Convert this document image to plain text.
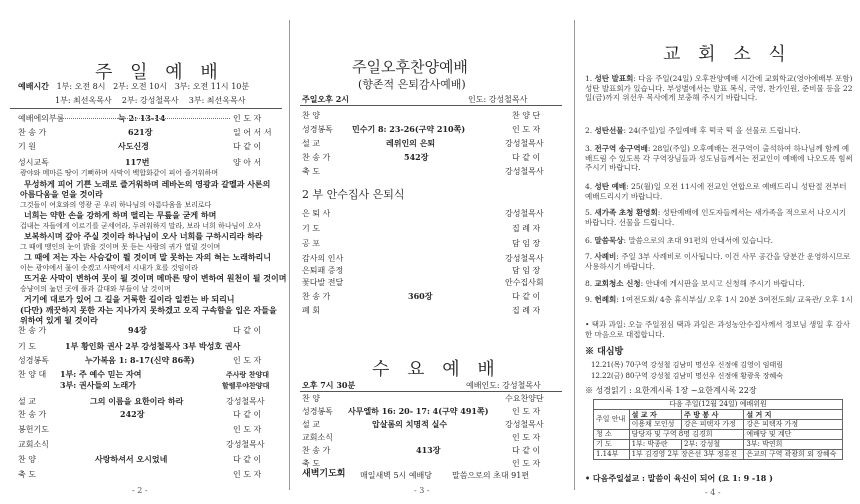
주 일 예 배
예배시간 1부: 오전 8시 2부: 오전 10시 3부: 오전 11시 10분
1부: 최선옥목사 2부: 강성철목사 3부: 최선옥목사
예배에의부름	눅 2: 13-14	인 도 자
찬 송 가	621장	일 어 서 서
기 원	사도신경	다 같 이
성시교독	117번	양 아 서
광야와 메마른 땅이 기뻐하며 사막이 백합화같이 피어 즐거워하며
무성하게 피어 기쁜 노래로 즐거워하며 레바논의 영광과 갈멜과 사론의
아름다움을 얻을 것이라
그것들이 여호와의 영광 곧 우리 하나님의 아름다움을 보리로다
너희는 약한 손을 강하게 하며 떨리는 무릎을 굳게 하며
겁내는 자들에게 이르기를 굳세어라, 두려워하지 말라, 보라 너희 하나님이 오사
보복하시며 갚아 주실 것이라 하나님이 오사 너희를 구하시리라 하라
그 때에 맹인의 눈이 밝을 것이며 못 듣는 사람의 귀가 열릴 것이며
그 때에 저는 자는 사슴같이 뛸 것이며 말 못하는 자의 혀는 노래하리니
이는 광야에서 물이 솟겠고 사막에서 시내가 흐를 것임이라
뜨거운 사막이 변하여 못이 될 것이며 메마른 땅이 변하여 원천이 될 것이며
승냥이의 눕던 곳에 풀과 갈대와 부들이 날 것이며
거기에 대로가 있어 그 길을 거룩한 길이라 일컫는 바 되리니
(다만) 깨끗하지 못한 자는 지나가지 못하겠고 오직 구속함을 입은 자들을
위하여 있게 될 것이라
찬 송 가	94장	다 같 이
기 도	1부 황인화 권사 2부 강성철목사 3부 박성호 권사
성경봉독	누가복음 1: 8-17(신약 86쪽)	인 도 자
찬 양 대 1부: 주 예수 믿는 자여	주사랑 찬양대
3부: 권사들의 노래가	할렐루야찬양대
설 교	그의 이름을 요한이라 하라	강성철목사
찬 송 가	242장	다 같 이
봉헌기도	인 도 자
교회소식	강성철목사
찬 양	사랑하셔서 오시었네	다 같 이
축 도	인 도 자
- 2 -
주일오후찬양예배
(향존적 은퇴감사예배)
주일오후 2시	인도: 강성철목사
찬 양	찬 양 단
성경봉독 민수기 8: 23-26(구약 210쪽)	인 도 자
설 교	레위인의 은퇴	강성철목사
찬 송 가	542장	다 같 이
축 도	강성철목사
2 부 안수집사 은퇴식
은 퇴 사	강성철목사
기 도	집 례 자
공 포	담 임 장
감사의 인사	강성철목사
은퇴패 증정	담 임 장
꽃다발 전달	안수집사회
찬 송 가	360장	다 같 이
폐 회	집 례 자
수 요 예 배
오후 7시 30분	예배인도: 강성철목사
찬 양	수요찬양단
성경봉독 사무엘하 16: 20- 17: 4(구약 491쪽)	인 도 자
설 교	압살롬의 치명적 실수	강성철목사
교회소식	인 도 자
찬 송 가	413장	다 같 이
축 도	인 도 자
새벽기도회 매일새벽 5시 예배당	말씀으로의 초대 91편
- 3 -
교 회 소 식
1. 성탄 발표회: 다음 주일(24일) 오후찬양예배 시간에 교회학교(영아에배부 포함) 성탄 발표회가 있습니다. 부성별에서는 발표 복식, 국영, 찬가인원, 준비물 등을 22일(금)까지 위선우 목사에게 보충해 주시기 바랍니다.
2. 성탄선물: 24(주일)일 주일예배 후 떡국 떡 을 선물로 드립니다.
3. 전구역 송구역배: 28일(주일) 오후예배는 전구역이 출석하여 하나님께 함께 예배드림 수 있도록 각 구역장님들과 성도님들께서는 전교인이 예배에 나오도록 힘써 주시기 바랍니다.
4. 성탄 예배: 25(월)일 오전 11시에 전교인 연합으로 예배드리니 성탄절 전부터 예배드리시기 바랍니다.
5. 새가족 초청 환영회: 성탄예배에 인도자들께서는 새가족을 적으로서 나오시기 바랍니다. 선물을 드립니다.
6. 말씀묵상: 말씀으로의 초대 91편의 안내서에 있습니다.
7. 사례비: 주일 3부 사례비로 이사됩니다. 이건 사무 공간을 당분간 운영하시므로 사용하시기 바랍니다.
8. 교회청소 신청: 안내에 게시판을 보시고 신청해 주시기 바랍니다.
9. 헌례회: 1여전도회/ 4층 휴식부실/ 오후 1시 20분 3여전도회/ 교육관/ 오후 1시
• 택과 과일: 오늘 주일점심 택과 과일은 과성농안수집사께서 정보님 생일 후 감사한 마음으로 대접합니다.
※ 대심방
12.21(목) 70구역 강성철 김남미 명선우 신정애 김영이 임태림
12.22(금) 80구역 강성철 김남미 명선우 신정애 황광욱 장혜숙
※ 성경읽기 : 요한계시록 1장 ~요한계시록 22장
다음 주일(12월 24일) 예배위원			
주일 안내	설 교 자	주 방 봉 사	설 거 지
	이용채 모인성	강은 피택자 가정	강은 피택자 가정
청 소	담당자 및 구역 8명 김경희		예배당 및 계단
기 도	1부: 박종란	2부: 강성철	3부: 박연희
1.14부	1부 김경영 2부 장은선 3부 정유진		은교의 구역 곽광희 외 장혜숙
• 다음주일설교 : 말씀이 육신이 되어 (요 1: 9 -18 )
- 4 -
